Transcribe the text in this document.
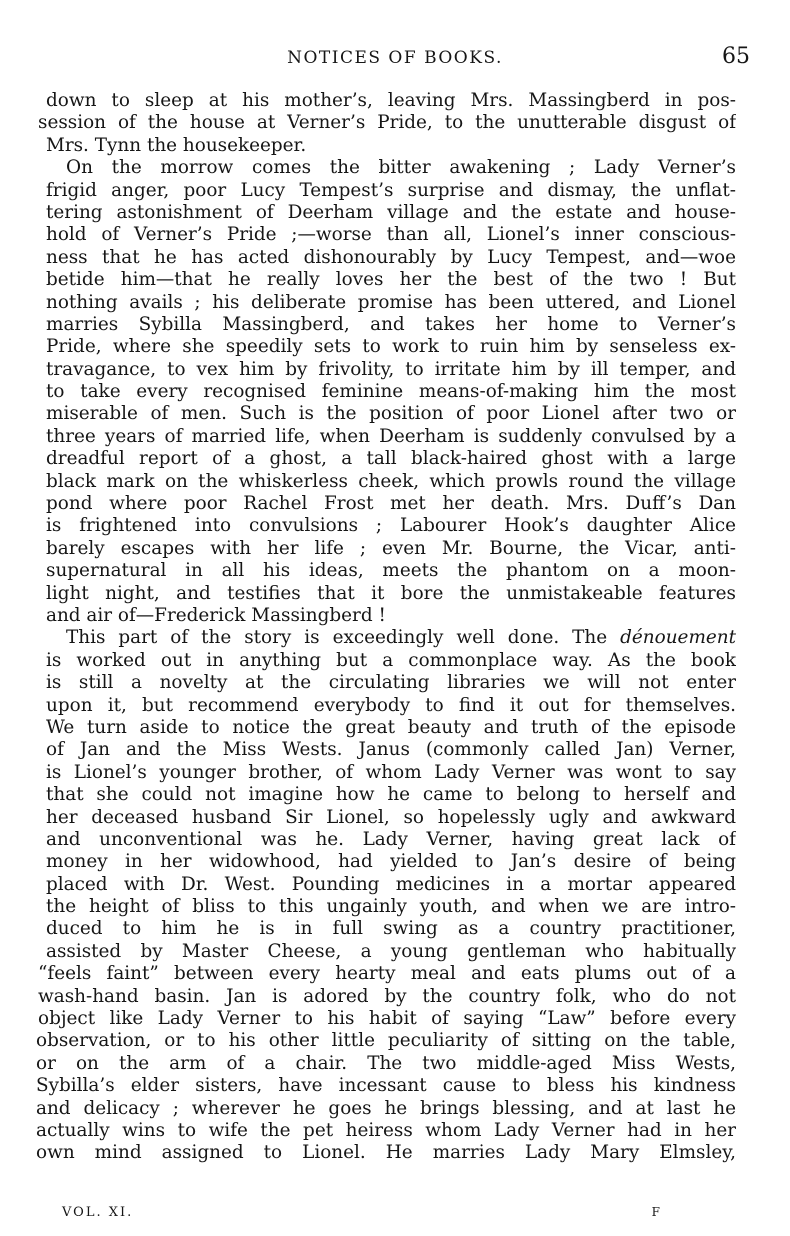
NOTICES OF BOOKS.	65
down to sleep at his mother’s, leaving Mrs. Massingberd in pos-
session of the house at Verner’s Pride, to the unutterable disgust of
Mrs. Tynn the housekeeper.
On the morrow comes the bitter awakening ; Lady Verner’s
frigid anger, poor Lucy Tempest’s surprise and dismay, the unflat-
tering astonishment of Deerham village and the estate and house-
hold of Verner’s Pride ;—worse than all, Lionel’s inner conscious-
ness that he has acted dishonourably by Lucy Tempest, and—woe
betide him—that he really loves her the best of the two ! But
nothing avails ; his deliberate promise has been uttered, and Lionel
marries Sybilla Massingberd, and takes her home to Verner’s
Pride, where she speedily sets to work to ruin him by senseless ex-
travagance, to vex him by frivolity, to irritate him by ill temper, and
to take every recognised feminine means-of-making him the most
miserable of men. Such is the position of poor Lionel after two or
three years of married life, when Deerham is suddenly convulsed by a
dreadful report of a ghost, a tall black-haired ghost with a large
black mark on the whiskerless cheek, which prowls round the village
pond where poor Rachel Frost met her death. Mrs. Duff’s Dan
is frightened into convulsions ; Labourer Hook’s daughter Alice
barely escapes with her life ; even Mr. Bourne, the Vicar, anti-
supernatural in all his ideas, meets the phantom on a moon-
light night, and testifies that it bore the unmistakeable features
and air of—Frederick Massingberd !
This part of the story is exceedingly well done. The dénouement
is worked out in anything but a commonplace way. As the book
is still a novelty at the circulating libraries we will not enter
upon it, but recommend everybody to find it out for themselves.
We turn aside to notice the great beauty and truth of the episode
of Jan and the Miss Wests. Janus (commonly called Jan) Verner,
is Lionel’s younger brother, of whom Lady Verner was wont to say
that she could not imagine how he came to belong to herself and
her deceased husband Sir Lionel, so hopelessly ugly and awkward
and unconventional was he. Lady Verner, having great lack of
money in her widowhood, had yielded to Jan’s desire of being
placed with Dr. West. Pounding medicines in a mortar appeared
the height of bliss to this ungainly youth, and when we are intro-
duced to him he is in full swing as a country practitioner,
assisted by Master Cheese, a young gentleman who habitually
“feels faint” between every hearty meal and eats plums out of a
wash-hand basin. Jan is adored by the country folk, who do not
object like Lady Verner to his habit of saying “Law” before every
observation, or to his other little peculiarity of sitting on the table,
or on the arm of a chair. The two middle-aged Miss Wests,
Sybilla’s elder sisters, have incessant cause to bless his kindness
and delicacy ; wherever he goes he brings blessing, and at last he
actually wins to wife the pet heiress whom Lady Verner had in her
own mind assigned to Lionel. He marries Lady Mary Elmsley,
VOL. XI.	F
